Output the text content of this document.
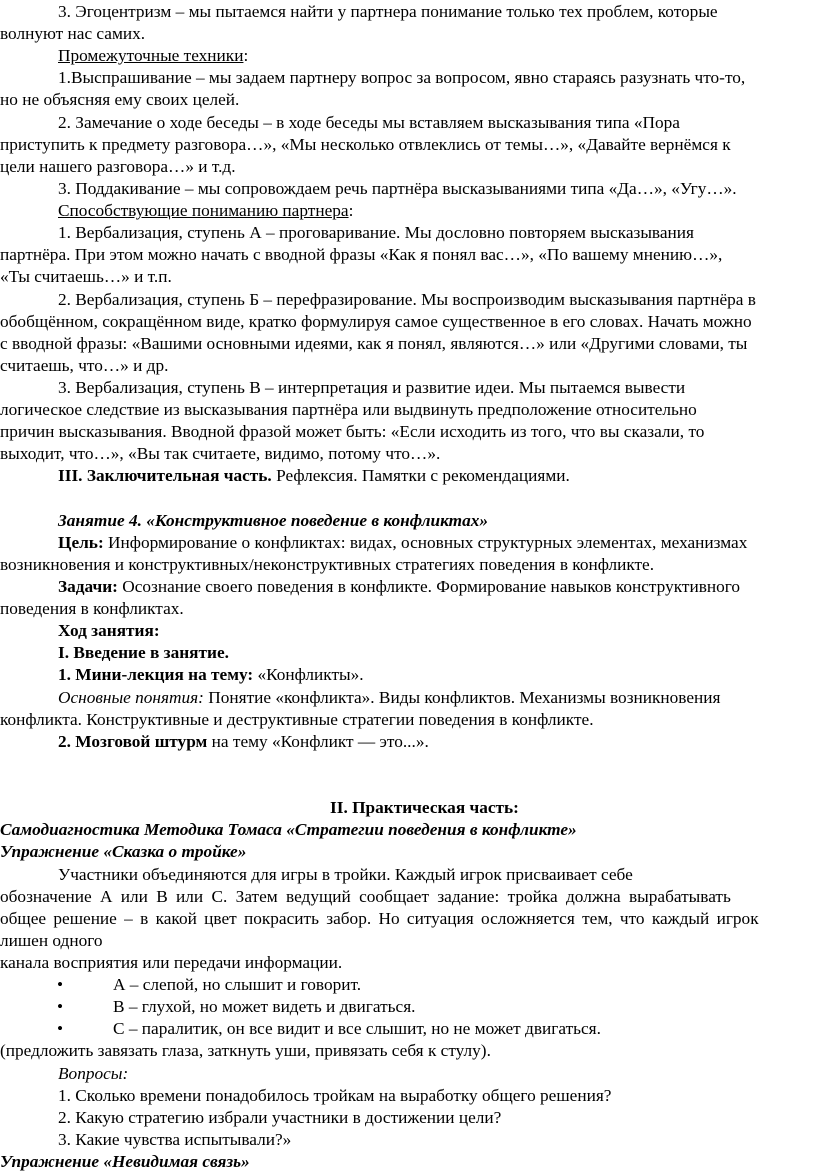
3. Эгоцентризм – мы пытаемся найти у партнера понимание только тех проблем, которые
волнуют нас самих.
Промежуточные техники:
1.Выспрашивание – мы задаем партнеру вопрос за вопросом, явно стараясь разузнать что-то,
но не объясняя ему своих целей.
2. Замечание о ходе беседы – в ходе беседы мы вставляем высказывания типа «Пора
приступить к предмету разговора…», «Мы несколько отвлеклись от темы…», «Давайте вернёмся к
цели нашего разговора…» и т.д.
3. Поддакивание – мы сопровождаем речь партнёра высказываниями типа «Да…», «Угу…».
Способствующие пониманию партнера:
1. Вербализация, ступень А – проговаривание. Мы дословно повторяем высказывания
партнёра. При этом можно начать с вводной фразы «Как я понял вас…», «По вашему мнению…»,
«Ты считаешь…» и т.п.
2. Вербализация, ступень Б – перефразирование. Мы воспроизводим высказывания партнёра в
обобщённом, сокращённом виде, кратко формулируя самое существенное в его словах. Начать можно
с вводной фразы: «Вашими основными идеями, как я понял, являются…» или «Другими словами, ты
считаешь, что…» и др.
3. Вербализация, ступень В – интерпретация и развитие идеи. Мы пытаемся вывести
логическое следствие из высказывания партнёра или выдвинуть предположение относительно
причин высказывания. Вводной фразой может быть: «Если исходить из того, что вы сказали, то
выходит, что…», «Вы так считаете, видимо, потому что…».
III. Заключительная часть. Рефлексия. Памятки с рекомендациями.
Занятие 4. «Конструктивное поведение в конфликтах»
Цель: Информирование о конфликтах: видах, основных структурных элементах, механизмах
возникновения и конструктивных/неконструктивных стратегиях поведения в конфликте.
Задачи: Осознание своего поведения в конфликте. Формирование навыков конструктивного
поведения в конфликтах.
Ход занятия:
I. Введение в занятие.
1. Мини-лекция на тему: «Конфликты».
Основные понятия: Понятие «конфликта». Виды конфликтов. Механизмы возникновения
конфликта. Конструктивные и деструктивные стратегии поведения в конфликте.
2. Мозговой штурм на тему «Конфликт — это...».
II. Практическая часть:
Самодиагностика Методика Томаса «Стратегии поведения в конфликте»
Упражнение «Сказка о тройке»
Участники объединяются для игры в тройки. Каждый игрок присваивает себе
обозначение А или В или С. Затем ведущий сообщает задание: тройка должна вырабатывать
общее решение – в какой цвет покрасить забор. Но ситуация осложняется тем, что каждый игрок
лишен одного
канала восприятия или передачи информации.
•	А – слепой, но слышит и говорит.
•	В – глухой, но может видеть и двигаться.
•	С – паралитик, он все видит и все слышит, но не может двигаться.
(предложить завязать глаза, заткнуть уши, привязать себя к стулу).
Вопросы:
1. Сколько времени понадобилось тройкам на выработку общего решения?
2. Какую стратегию избрали участники в достижении цели?
3. Какие чувства испытывали?»
Упражнение «Невидимая связь»
